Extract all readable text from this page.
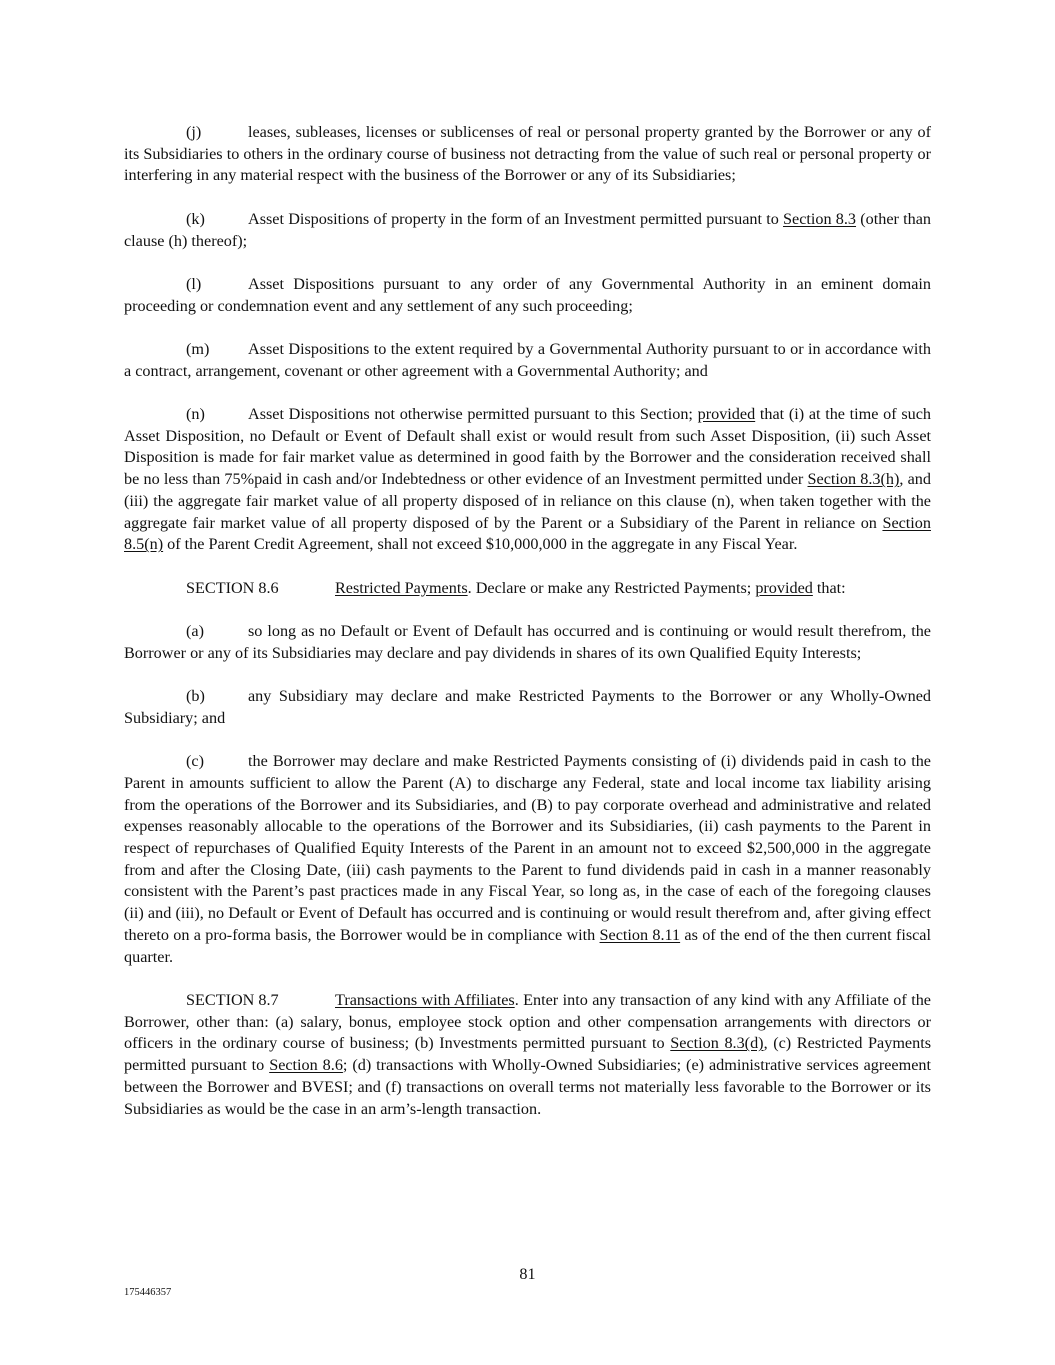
(j)	leases, subleases, licenses or sublicenses of real or personal property granted by the Borrower or any of its Subsidiaries to others in the ordinary course of business not detracting from the value of such real or personal property or interfering in any material respect with the business of the Borrower or any of its Subsidiaries;

(k)	Asset Dispositions of property in the form of an Investment permitted pursuant to Section 8.3 (other than clause (h) thereof);

(l)	Asset Dispositions pursuant to any order of any Governmental Authority in an eminent domain proceeding or condemnation event and any settlement of any such proceeding;

(m) Asset Dispositions to the extent required by a Governmental Authority pursuant to or in accordance with a contract, arrangement, covenant or other agreement with a Governmental Authority; and

(n)	Asset Dispositions not otherwise permitted pursuant to this Section; provided that (i) at the time of such Asset Disposition, no Default or Event of Default shall exist or would result from such Asset Disposition, (ii) such Asset Disposition is made for fair market value as determined in good faith by the Borrower and the consideration received shall be no less than 75%paid in cash and/or Indebtedness or other evidence of an Investment permitted under Section 8.3(h), and (iii) the aggregate fair market value of all property disposed of in reliance on this clause (n), when taken together with the aggregate fair market value of all property disposed of by the Parent or a Subsidiary of the Parent in reliance on Section 8.5(n) of the Parent Credit Agreement, shall not exceed $10,000,000 in the aggregate in any Fiscal Year.

SECTION 8.6	Restricted Payments. Declare or make any Restricted Payments; provided that:

(a)	so long as no Default or Event of Default has occurred and is continuing or would result therefrom, the Borrower or any of its Subsidiaries may declare and pay dividends in shares of its own Qualified Equity Interests;

(b)	any Subsidiary may declare and make Restricted Payments to the Borrower or any Wholly-Owned Subsidiary; and

(c)	the Borrower may declare and make Restricted Payments consisting of (i) dividends paid in cash to the Parent in amounts sufficient to allow the Parent (A) to discharge any Federal, state and local income tax liability arising from the operations of the Borrower and its Subsidiaries, and (B) to pay corporate overhead and administrative and related expenses reasonably allocable to the operations of the Borrower and its Subsidiaries, (ii) cash payments to the Parent in respect of repurchases of Qualified Equity Interests of the Parent in an amount not to exceed $2,500,000 in the aggregate from and after the Closing Date, (iii) cash payments to the Parent to fund dividends paid in cash in a manner reasonably consistent with the Parent’s past practices made in any Fiscal Year, so long as, in the case of each of the foregoing clauses (ii) and (iii), no Default or Event of Default has occurred and is continuing or would result therefrom and, after giving effect thereto on a pro-forma basis, the Borrower would be in compliance with Section 8.11 as of the end of the then current fiscal quarter.

SECTION 8.7	Transactions with Affiliates. Enter into any transaction of any kind with any Affiliate of the Borrower, other than: (a) salary, bonus, employee stock option and other compensation arrangements with directors or officers in the ordinary course of business; (b) Investments permitted pursuant to Section 8.3(d), (c) Restricted Payments permitted pursuant to Section 8.6; (d) transactions with Wholly-Owned Subsidiaries; (e) administrative services agreement between the Borrower and BVESI; and (f) transactions on overall terms not materially less favorable to the Borrower or its Subsidiaries as would be the case in an arm’s-length transaction.

81
175446357
